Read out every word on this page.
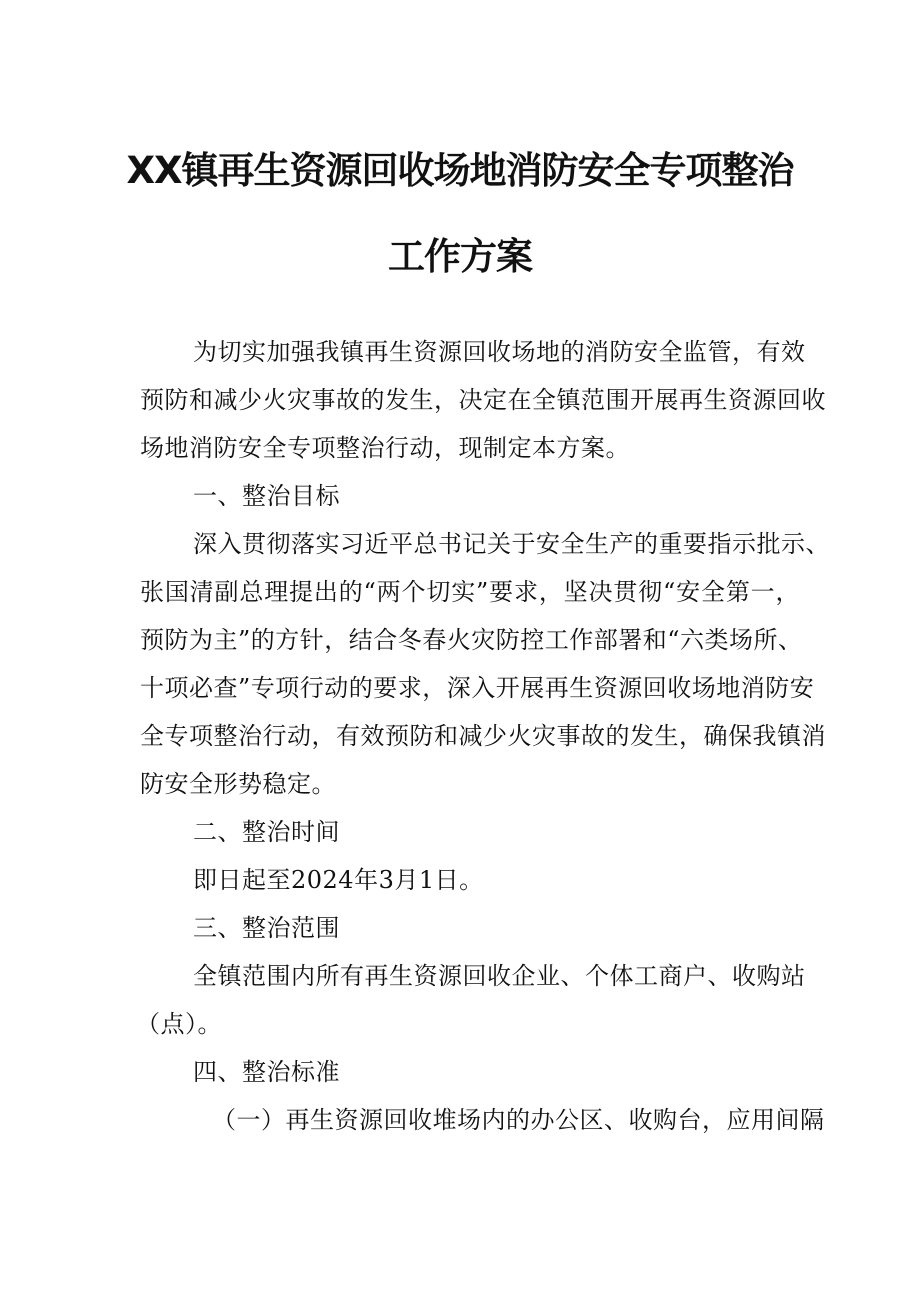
XX镇再生资源回收场地消防安全专项整治
工作方案
为切实加强我镇再生资源回收场地的消防安全监管，有效
预防和减少火灾事故的发生，决定在全镇范围开展再生资源回收
场地消防安全专项整治行动，现制定本方案。
一、整治目标
深入贯彻落实习近平总书记关于安全生产的重要指示批示、
张国清副总理提出的“两个切实”要求，坚决贯彻“安全第一，
预防为主”的方针，结合冬春火灾防控工作部署和“六类场所、
十项必查”专项行动的要求，深入开展再生资源回收场地消防安
全专项整治行动，有效预防和减少火灾事故的发生，确保我镇消
防安全形势稳定。
二、整治时间
即日起至2024年3月1日。
三、整治范围
全镇范围内所有再生资源回收企业、个体工商户、收购站
（点）。
四、整治标准
（一）再生资源回收堆场内的办公区、收购台，应用间隔
